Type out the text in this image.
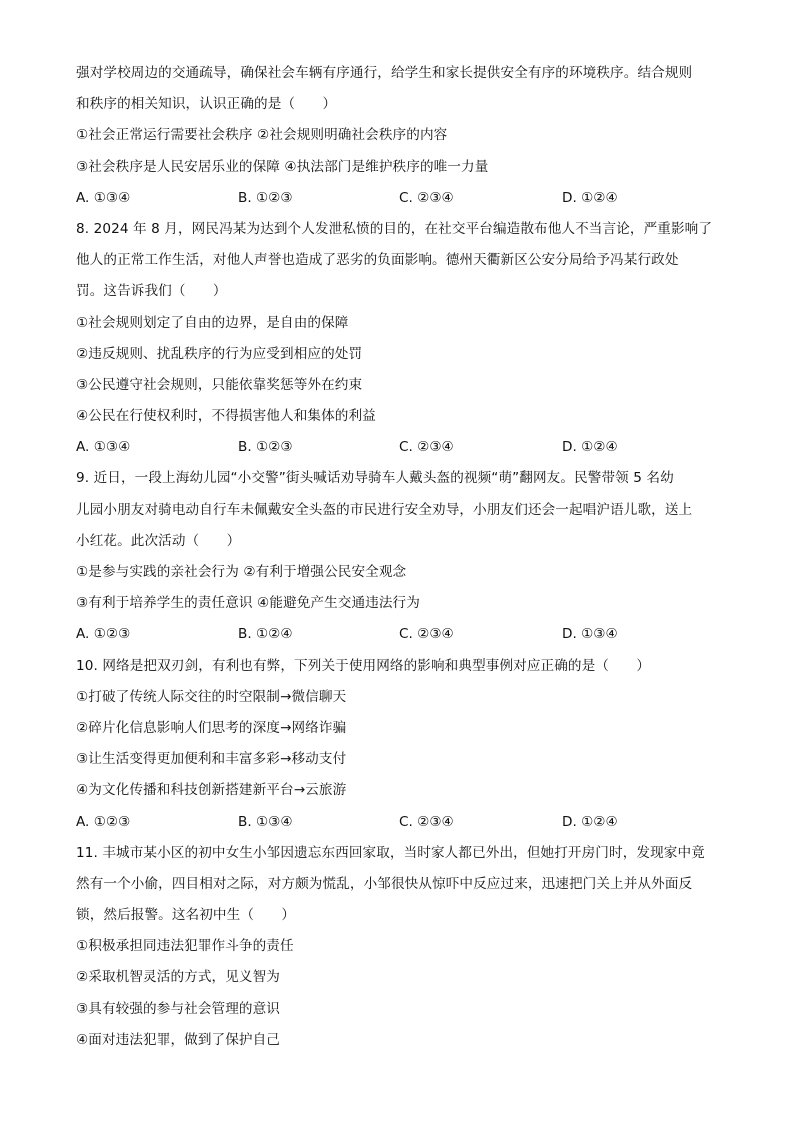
强对学校周边的交通疏导，确保社会车辆有序通行，给学生和家长提供安全有序的环境秩序。结合规则
和秩序的相关知识，认识正确的是（　　）
①社会正常运行需要社会秩序 ②社会规则明确社会秩序的内容
③社会秩序是人民安居乐业的保障 ④执法部门是维护秩序的唯一力量
A. ①③④	B. ①②③	C. ②③④	D. ①②④
8. 2024 年 8 月，网民冯某为达到个人发泄私愤的目的，在社交平台编造散布他人不当言论，严重影响了
他人的正常工作生活，对他人声誉也造成了恶劣的负面影响。德州天衢新区公安分局给予冯某行政处
罚。这告诉我们（　　）
①社会规则划定了自由的边界，是自由的保障
②违反规则、扰乱秩序的行为应受到相应的处罚
③公民遵守社会规则，只能依靠奖惩等外在约束
④公民在行使权利时，不得损害他人和集体的利益
A. ①③④	B. ①②③	C. ②③④	D. ①②④
9. 近日，一段上海幼儿园“小交警”街头喊话劝导骑车人戴头盔的视频“萌”翻网友。民警带领 5 名幼
儿园小朋友对骑电动自行车未佩戴安全头盔的市民进行安全劝导，小朋友们还会一起唱沪语儿歌，送上
小红花。此次活动（　　）
①是参与实践的亲社会行为 ②有利于增强公民安全观念
③有利于培养学生的责任意识 ④能避免产生交通违法行为
A. ①②③	B. ①②④	C. ②③④	D. ①③④
10. 网络是把双刃剑，有利也有弊，下列关于使用网络的影响和典型事例对应正确的是（　　）
①打破了传统人际交往的时空限制→微信聊天
②碎片化信息影响人们思考的深度→网络诈骗
③让生活变得更加便利和丰富多彩→移动支付
④为文化传播和科技创新搭建新平台→云旅游
A. ①②③	B. ①③④	C. ②③④	D. ①②④
11. 丰城市某小区的初中女生小邹因遗忘东西回家取，当时家人都已外出，但她打开房门时，发现家中竟
然有一个小偷，四目相对之际，对方颇为慌乱，小邹很快从惊吓中反应过来，迅速把门关上并从外面反
锁，然后报警。这名初中生（　　）
①积极承担同违法犯罪作斗争的责任
②采取机智灵活的方式，见义智为
③具有较强的参与社会管理的意识
④面对违法犯罪，做到了保护自己
